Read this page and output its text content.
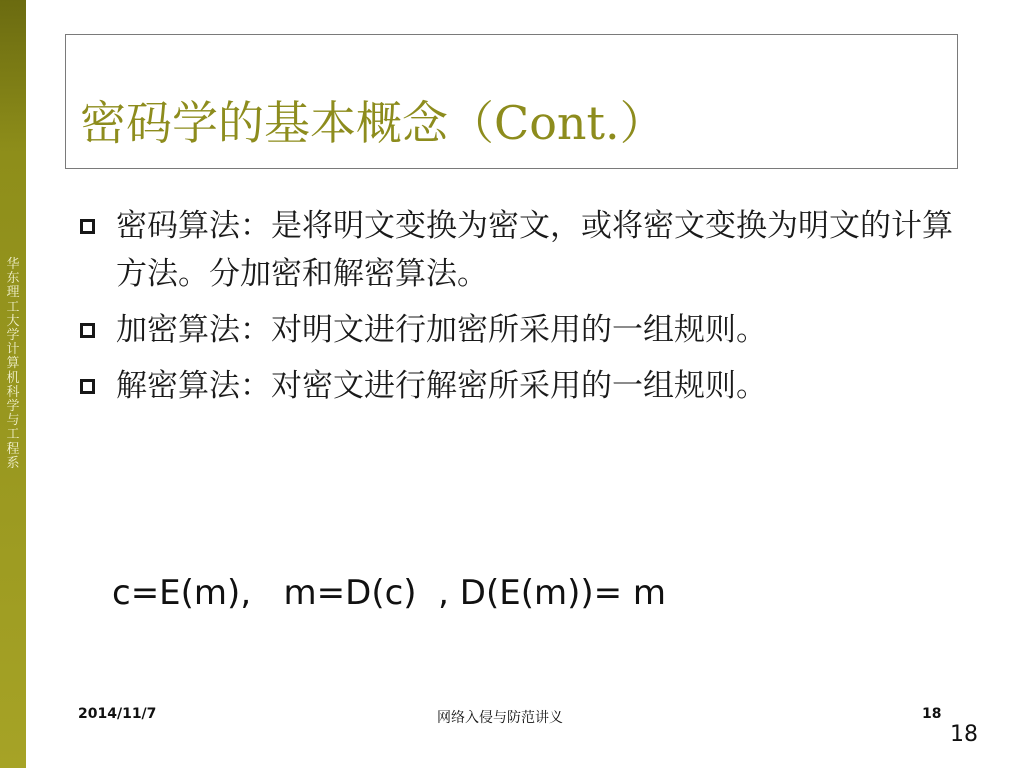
华东理工大学计算机科学与工程系
密码学的基本概念（Cont.）
密码算法：是将明文变换为密文，或将密文变换为明文的计算方法。分加密和解密算法。
加密算法：对明文进行加密所采用的一组规则。
解密算法：对密文进行解密所采用的一组规则。
c=E(m),   m=D(c)  , D(E(m))= m
2014/11/7	网络入侵与防范讲义	18
18
